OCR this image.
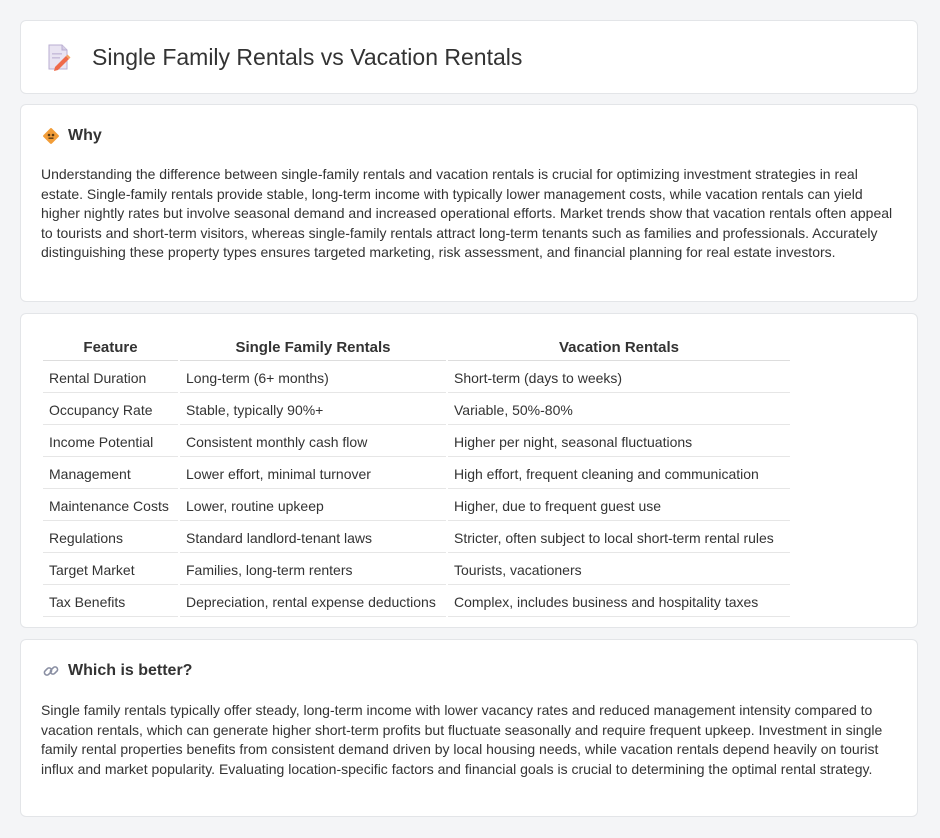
Single Family Rentals vs Vacation Rentals
Why

Understanding the difference between single-family rentals and vacation rentals is crucial for optimizing investment strategies in real estate. Single-family rentals provide stable, long-term income with typically lower management costs, while vacation rentals can yield higher nightly rates but involve seasonal demand and increased operational efforts. Market trends show that vacation rentals often appeal to tourists and short-term visitors, whereas single-family rentals attract long-term tenants such as families and professionals. Accurately distinguishing these property types ensures targeted marketing, risk assessment, and financial planning for real estate investors.

Feature	Single Family Rentals	Vacation Rentals
Rental Duration	Long-term (6+ months)	Short-term (days to weeks)
Occupancy Rate	Stable, typically 90%+	Variable, 50%-80%
Income Potential	Consistent monthly cash flow	Higher per night, seasonal fluctuations
Management	Lower effort, minimal turnover	High effort, frequent cleaning and communication
Maintenance Costs	Lower, routine upkeep	Higher, due to frequent guest use
Regulations	Standard landlord-tenant laws	Stricter, often subject to local short-term rental rules
Target Market	Families, long-term renters	Tourists, vacationers
Tax Benefits	Depreciation, rental expense deductions	Complex, includes business and hospitality taxes
Which is better?

Single family rentals typically offer steady, long-term income with lower vacancy rates and reduced management intensity compared to vacation rentals, which can generate higher short-term profits but fluctuate seasonally and require frequent upkeep. Investment in single family rental properties benefits from consistent demand driven by local housing needs, while vacation rentals depend heavily on tourist influx and market popularity. Evaluating location-specific factors and financial goals is crucial to determining the optimal rental strategy.
